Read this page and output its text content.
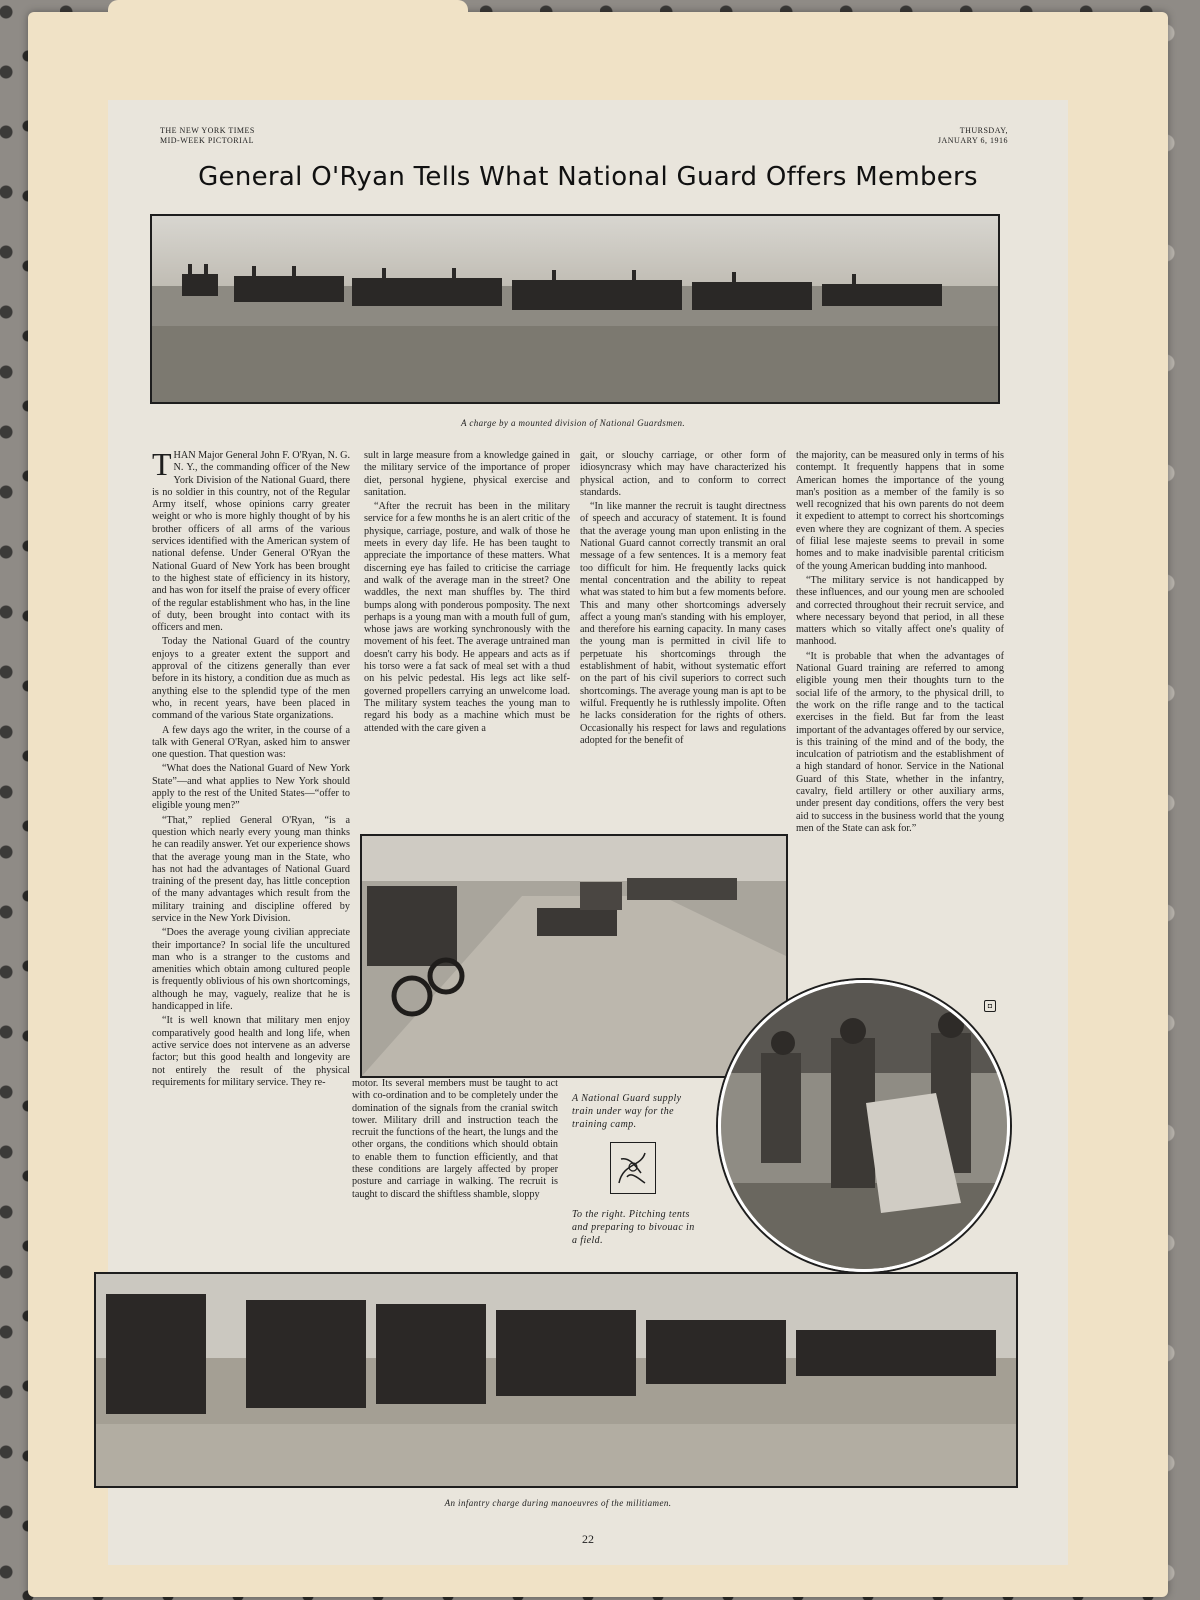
THE NEW YORK TIMES
MID-WEEK PICTORIAL
THURSDAY,
JANUARY 6, 1916
General O'Ryan Tells What National Guard Offers Members
A charge by a mounted division of National Guardsmen.

THAN Major General John F. O'Ryan, N. G. N. Y., the commanding officer of the New York Division of the National Guard, there is no soldier in this country, not of the Regular Army itself, whose opinions carry greater weight or who is more highly thought of by his brother officers of all arms of the various services identified with the American system of national defense. Under General O'Ryan the National Guard of New York has been brought to the highest state of efficiency in its history, and has won for itself the praise of every officer of the regular establishment who has, in the line of duty, been brought into contact with its officers and men.

Today the National Guard of the country enjoys to a greater extent the support and approval of the citizens generally than ever before in its history, a condition due as much as anything else to the splendid type of the men who, in recent years, have been placed in command of the various State organizations.

A few days ago the writer, in the course of a talk with General O'Ryan, asked him to answer one question. That question was:

“What does the National Guard of New York State”—and what applies to New York should apply to the rest of the United States—“offer to eligible young men?”

“That,” replied General O'Ryan, “is a question which nearly every young man thinks he can readily answer. Yet our experience shows that the average young man in the State, who has not had the advantages of National Guard training of the present day, has little conception of the many advantages which result from the military training and discipline offered by service in the New York Division.

“Does the average young civilian appreciate their importance? In social life the uncultured man who is a stranger to the customs and amenities which obtain among cultured people is frequently oblivious of his own shortcomings, although he may, vaguely, realize that he is handicapped in life.

“It is well known that military men enjoy comparatively good health and long life, when active service does not intervene as an adverse factor; but this good health and longevity are not entirely the result of the physical requirements for military service. They re-

sult in large measure from a knowledge gained in the military service of the importance of proper diet, personal hygiene, physical exercise and sanitation.

“After the recruit has been in the military service for a few months he is an alert critic of the physique, carriage, posture, and walk of those he meets in every day life. He has been taught to appreciate the importance of these matters. What discerning eye has failed to criticise the carriage and walk of the average man in the street? One waddles, the next man shuffles by. The third bumps along with ponderous pomposity. The next perhaps is a young man with a mouth full of gum, whose jaws are working synchronously with the movement of his feet. The average untrained man doesn't carry his body. He appears and acts as if his torso were a fat sack of meal set with a thud on his pelvic pedestal. His legs act like self-governed propellers carrying an unwelcome load. The military system teaches the young man to regard his body as a machine which must be attended with the care given a

gait, or slouchy carriage, or other form of idiosyncrasy which may have characterized his physical action, and to conform to correct standards.

“In like manner the recruit is taught directness of speech and accuracy of statement. It is found that the average young man upon enlisting in the National Guard cannot correctly transmit an oral message of a few sentences. It is a memory feat too difficult for him. He frequently lacks quick mental concentration and the ability to repeat what was stated to him but a few moments before. This and many other shortcomings adversely affect a young man's standing with his employer, and therefore his earning capacity. In many cases the young man is permitted in civil life to perpetuate his shortcomings through the establishment of habit, without systematic effort on the part of his civil superiors to correct such shortcomings. The average young man is apt to be wilful. Frequently he is ruthlessly impolite. Often he lacks consideration for the rights of others. Occasionally his respect for laws and regulations adopted for the benefit of

the majority, can be measured only in terms of his contempt. It frequently happens that in some American homes the importance of the young man's position as a member of the family is so well recognized that his own parents do not deem it expedient to attempt to correct his shortcomings even where they are cognizant of them. A species of filial lese majeste seems to prevail in some homes and to make inadvisible parental criticism of the young American budding into manhood.

“The military service is not handicapped by these influences, and our young men are schooled and corrected throughout their recruit service, and where necessary beyond that period, in all these matters which so vitally affect one's quality of manhood.

“It is probable that when the advantages of National Guard training are referred to among eligible young men their thoughts turn to the social life of the armory, to the physical drill, to the work on the rifle range and to the tactical exercises in the field. But far from the least important of the advantages offered by our service, is this training of the mind and of the body, the inculcation of patriotism and the establishment of a high standard of honor. Service in the National Guard of this State, whether in the infantry, cavalry, field artillery or other auxiliary arms, under present day conditions, offers the very best aid to success in the business world that the young men of the State can ask for.”

motor. Its several members must be taught to act with co-ordination and to be completely under the domination of the signals from the cranial switch tower. Military drill and instruction teach the recruit the functions of the heart, the lungs and the other organs, the conditions which should obtain to enable them to function efficiently, and that these conditions are largely affected by proper posture and carriage in walking. The recruit is taught to discard the shiftless shamble, sloppy

A National Guard supply train under way for the training camp.
To the right. Pitching tents and preparing to bivouac in a field.
◘
An infantry charge during manoeuvres of the militiamen.
22
